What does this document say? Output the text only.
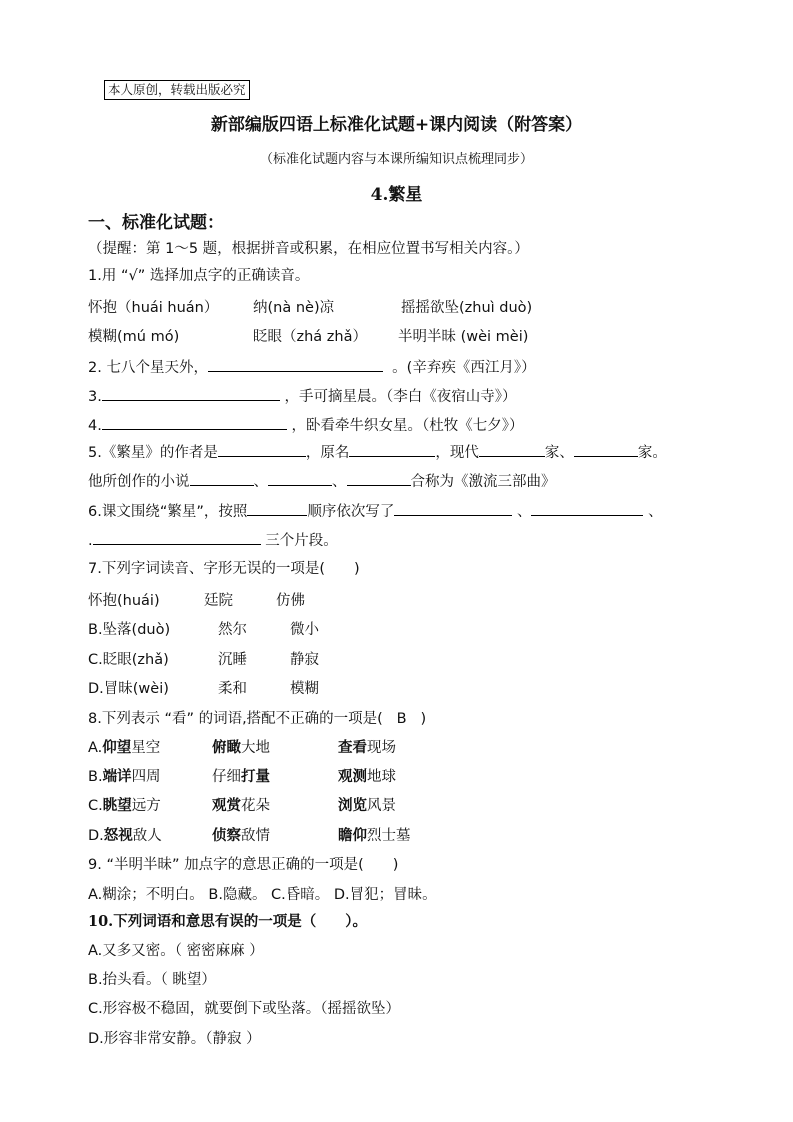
本人原创，转载出版必究
新部编版四语上标准化试题+课内阅读（附答案）
（标准化试题内容与本课所编知识点梳理同步）
4.繁星
一、标准化试题：
（提醒：第 1～5 题，根据拼音或积累，在相应位置书写相关内容。）
1.用 “√” 选择加点字的正确读音。
怀抱（huái huán） 纳(nà nè)凉	摇摇欲坠(zhuì duò)
模糊(mú mó)	眨眼（zhá zhǎ） 半明半昧 (wèi mèi)
2. 七八个星天外，	。(辛弃疾《西江月》）
3.	，手可摘星晨。（李白《夜宿山寺》）
4.	，卧看牵牛织女星。（杜牧《七夕》）
5.《繁星》的作者是	，原名	，现代	家、	家。
他所创作的小说	、	、	合称为《激流三部曲》
6.课文围绕“繁星”，按照	顺序依次写了	、	、
.	三个片段。
7.下列字词读音、字形无误的一项是(　　)
怀抱(huái)	廷院	仿佛
B.坠落(duò)	然尔	微小
C.眨眼(zhǎ)	沉睡	静寂
D.冒昧(wèi)	柔和	模糊
8.下列表示 “看” 的词语,搭配不正确的一项是( B )
A.仰望星空	俯瞰大地	查看现场
B.端详四周	仔细打量	观测地球
C.眺望远方	观赏花朵	浏览风景
D.怒视敌人	侦察敌情	瞻仰烈士墓
9. “半明半昧” 加点字的意思正确的一项是(　　)
A.糊涂；不明白。 B.隐藏。 C.昏暗。 D.冒犯；冒昧。
10.下列词语和意思有误的一项是（　　）。
A.又多又密。（ 密密麻麻 ）
B.抬头看。（ 眺望）
C.形容极不稳固，就要倒下或坠落。（摇摇欲坠）
D.形容非常安静。（静寂 ）
